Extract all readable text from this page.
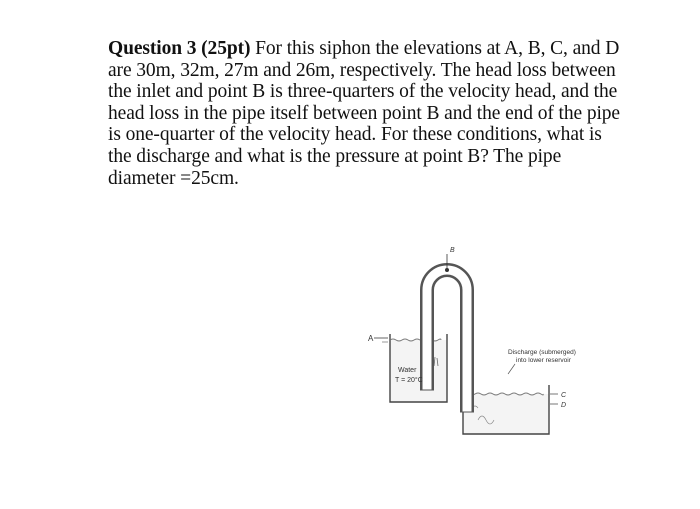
Question 3 (25pt) For this siphon the elevations at A, B, C, and D are 30m, 32m, 27m and 26m, respectively. The head loss between the inlet and point B is three-quarters of the velocity head, and the head loss in the pipe itself between point B and the end of the pipe is one-quarter of the velocity head. For these conditions, what is the discharge and what is the pressure at point B? The pipe diameter =25cm.
A
B
C
D
Water
T = 20°C
Discharge (submerged)
into lower reservoir
